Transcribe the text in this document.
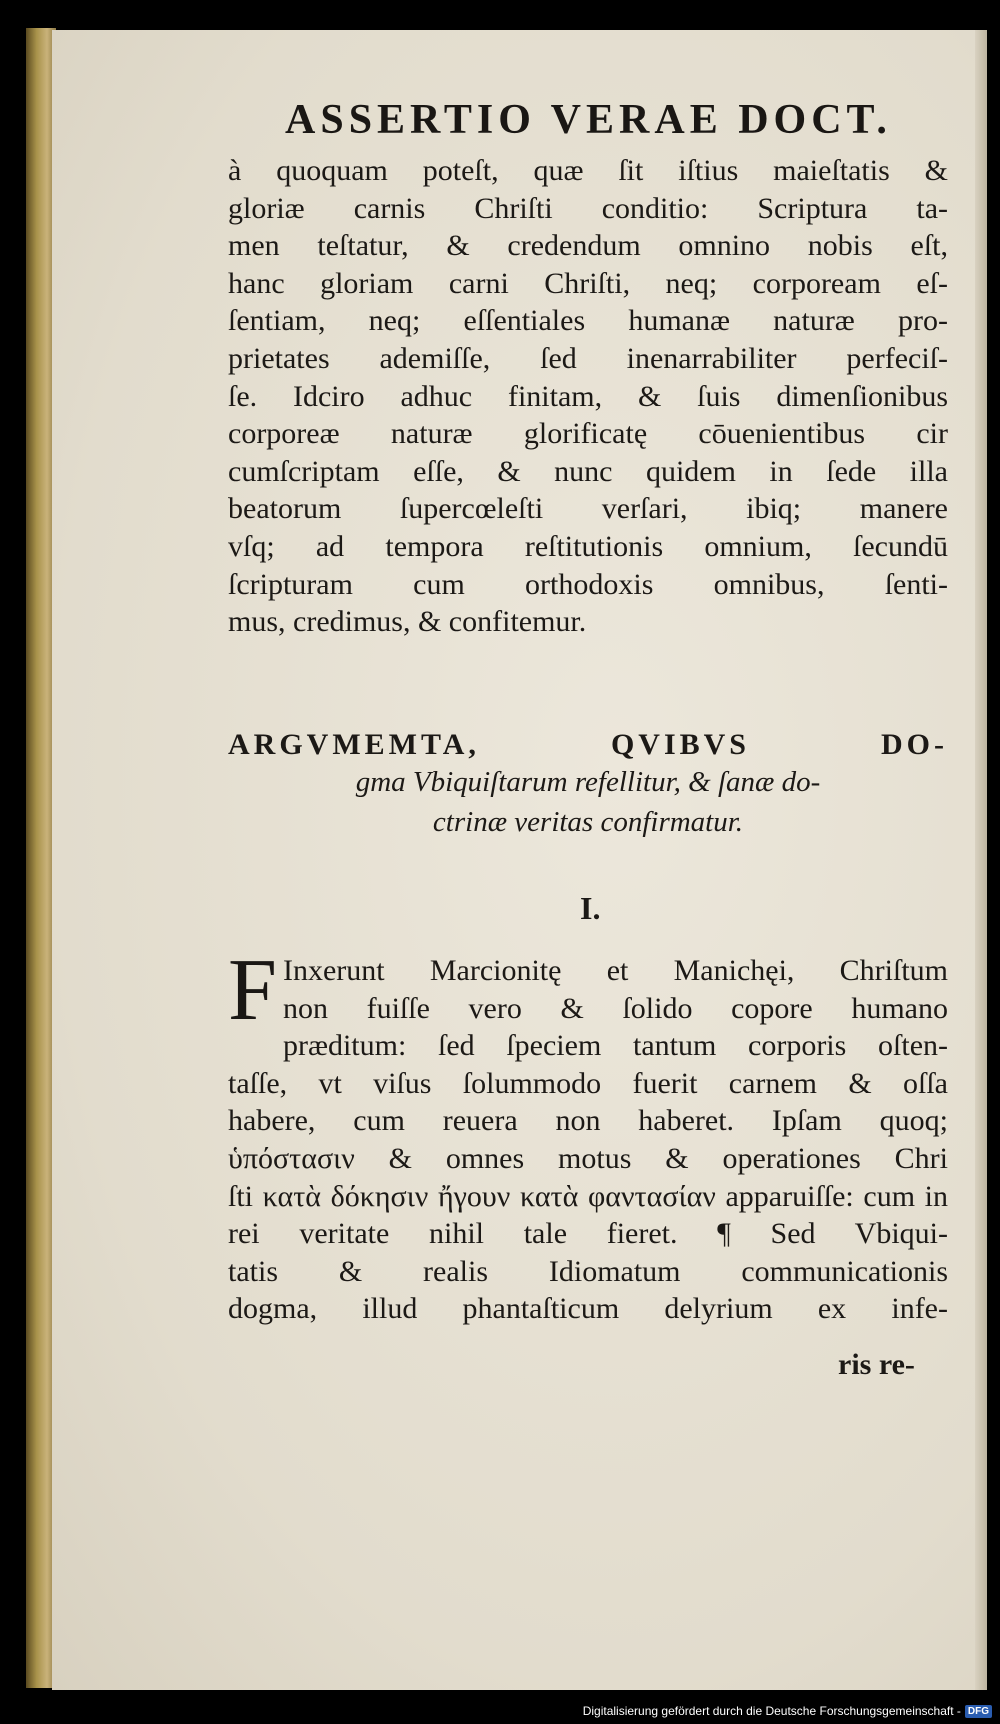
ASSERTIO VERAE DOCT.
à quoquam poteſt, quæ ſit iſtius maieſtatis &
gloriæ carnis Chriſti conditio: Scriptura ta-
men teſtatur, & credendum omnino nobis eſt,
hanc gloriam carni Chriſti, neq; corpoream eſ-
ſentiam, neq; eſſentiales humanæ naturæ pro-
prietates ademiſſe, ſed inenarrabiliter perfeciſ-
ſe. Idciro adhuc finitam, & ſuis dimenſionibus
corporeæ naturæ glorificatę cōuenientibus cir
cumſcriptam eſſe, & nunc quidem in ſede illa
beatorum ſupercœleſti verſari, ibiq; manere
vſq; ad tempora reſtitutionis omnium, ſecundū
ſcripturam cum orthodoxis omnibus, ſenti-
mus, credimus, & confitemur.
ARGVMEMTA, QVIBVS DO-
gma Vbiquiſtarum refellitur, & ſanæ do-
ctrinæ veritas confirmatur.
I.
F Inxerunt Marcionitę et Manichęi, Chriſtum
non fuiſſe vero & ſolido copore humano
præditum: ſed ſpeciem tantum corporis oſten-
taſſe, vt viſus ſolummodo fuerit carnem & oſſa
habere, cum reuera non haberet. Ipſam quoq;
ὑπόστασιν & omnes motus & operationes Chri
ſti κατὰ δόκησιν ἤγουν κατὰ φαντασίαν apparuiſſe: cum in
rei veritate nihil tale fieret. ¶ Sed Vbiqui-
tatis & realis Idiomatum communicationis
dogma, illud phantaſticum delyrium ex infe-
ris re-
Digitalisierung gefördert durch die Deutsche Forschungsgemeinschaft - DFG
